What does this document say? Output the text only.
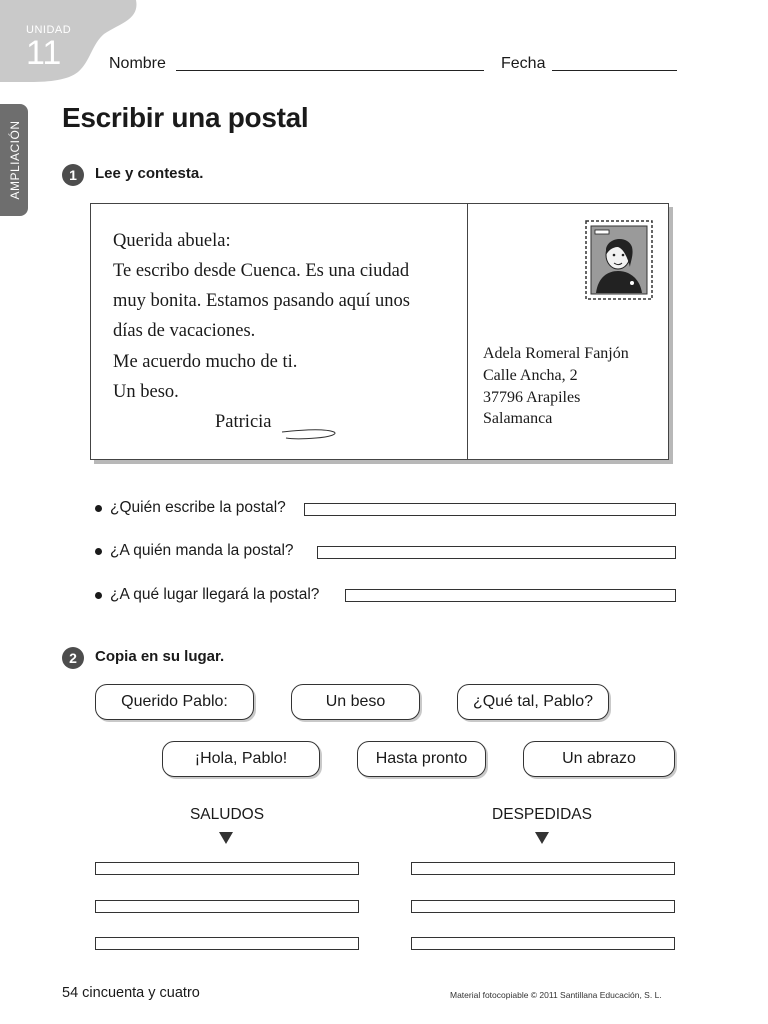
UNIDAD
11	Nombre	Fecha
AMPLIACIÓN
Escribir una postal
1	Lee y contesta.
Querida abuela:
Te escribo desde Cuenca. Es una ciudad
muy bonita. Estamos pasando aquí unos
días de vacaciones.
Me acuerdo mucho de ti.
Un beso.
Patricia
Adela Romeral Fanjón
Calle Ancha, 2
37796 Arapiles
Salamanca
¿Quién escribe la postal?
¿A quién manda la postal?
¿A qué lugar llegará la postal?
2	Copia en su lugar.
Querido Pablo:	Un beso	¿Qué tal, Pablo?
¡Hola, Pablo!	Hasta pronto	Un abrazo
SALUDOS	DESPEDIDAS
54 cincuenta y cuatro	Material fotocopiable © 2011 Santillana Educación, S. L.
